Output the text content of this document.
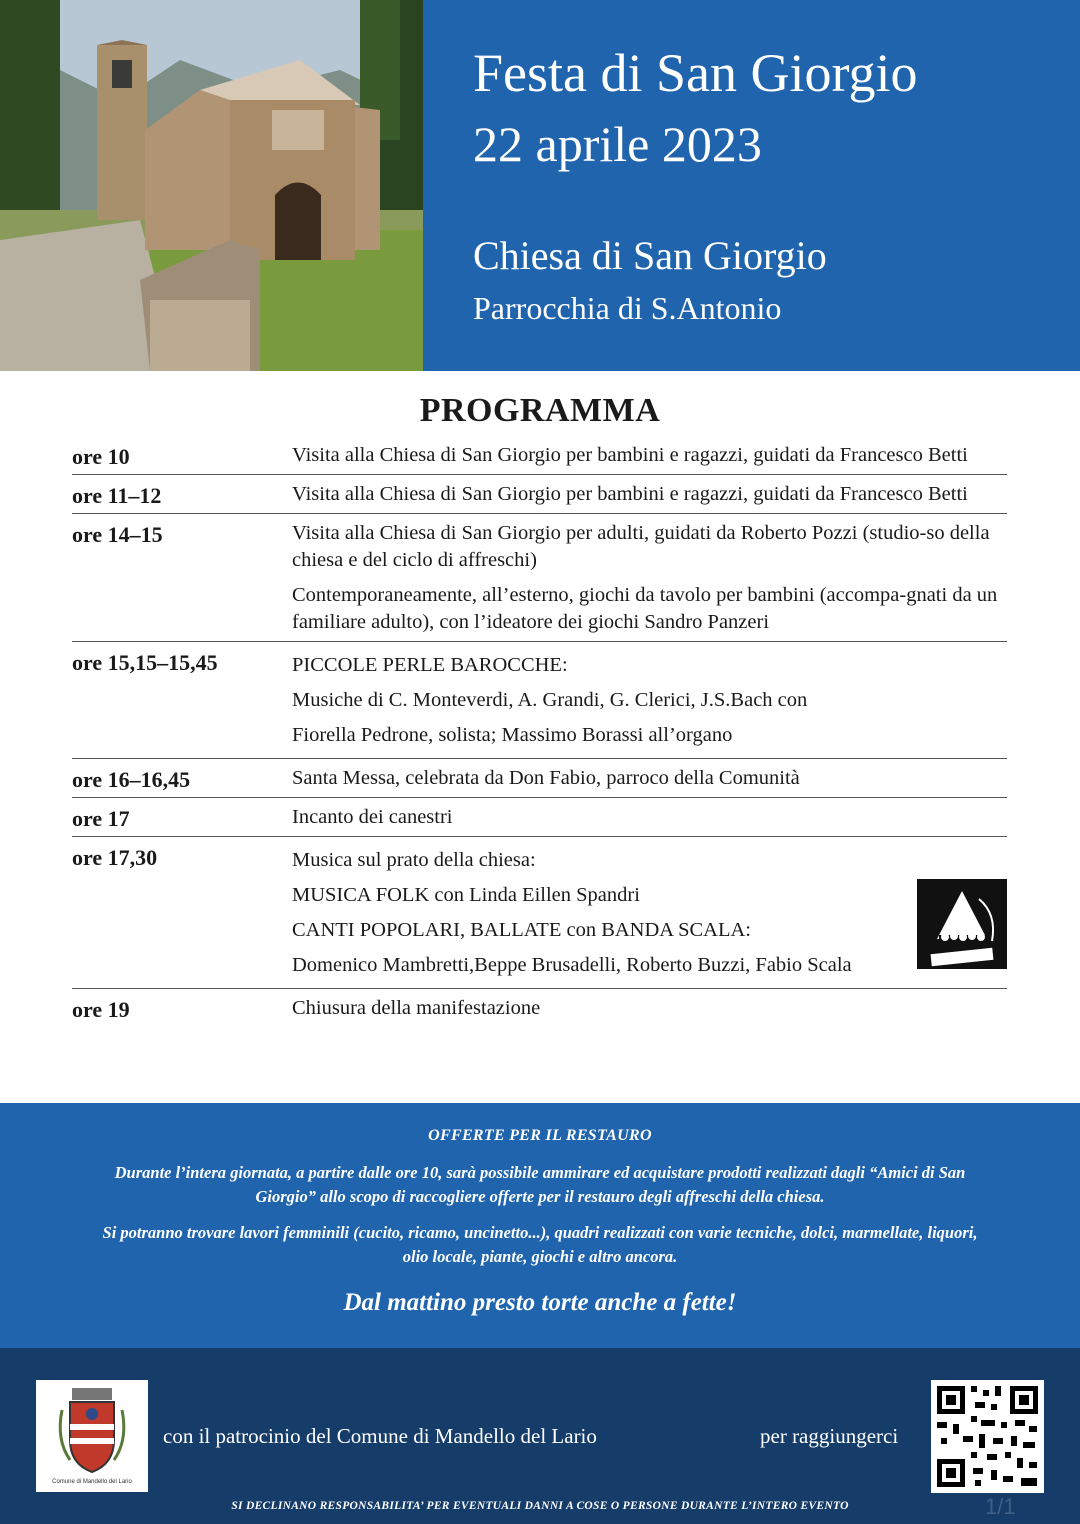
Festa di San Giorgio
22 aprile 2023
Chiesa di San Giorgio
Parrocchia di S.Antonio
PROGRAMMA
ore 10	Visita alla Chiesa di San Giorgio per bambini e ragazzi, guidati da Francesco Betti

ore 11–12	Visita alla Chiesa di San Giorgio per bambini e ragazzi, guidati da Francesco Betti

ore 14–15	Visita alla Chiesa di San Giorgio per adulti, guidati da Roberto Pozzi (studio-so della chiesa e del ciclo di affreschi)

Contemporaneamente, all’esterno, giochi da tavolo per bambini (accompa-gnati da un familiare adulto), con l’ideatore dei giochi Sandro Panzeri

ore 15,15–15,45	PICCOLE PERLE BAROCCHE:
Musiche di C. Monteverdi, A. Grandi, G. Clerici, J.S.Bach con
Fiorella Pedrone, solista; Massimo Borassi all’organo
ore 16–16,45	Santa Messa, celebrata da Don Fabio, parroco della Comunità

ore 17	Incanto dei canestri

ore 17,30	Musica sul prato della chiesa:
MUSICA FOLK con Linda Eillen Spandri
CANTI POPOLARI, BALLATE con BANDA SCALA:
Domenico Mambretti,Beppe Brusadelli, Roberto Buzzi, Fabio Scala
ore 19	Chiusura della manifestazione

OFFERTE PER IL RESTAURO
Durante l’intera giornata, a partire dalle ore 10, sarà possibile ammirare ed acquistare prodotti realizzati dagli “Amici di San Giorgio” allo scopo di raccogliere offerte per il restauro degli affreschi della chiesa.
Si potranno trovare lavori femminili (cucito, ricamo, uncinetto...), quadri realizzati con varie tecniche, dolci, marmellate, liquori, olio locale, piante, giochi e altro ancora.
Dal mattino presto torte anche a fette!
Comune di Mandello del Lario
con il patrocinio del Comune di Mandello del Lario	per raggiungerci
SI DECLINANO RESPONSABILITA’ PER EVENTUALI DANNI A COSE O PERSONE DURANTE L’INTERO EVENTO	1/1
